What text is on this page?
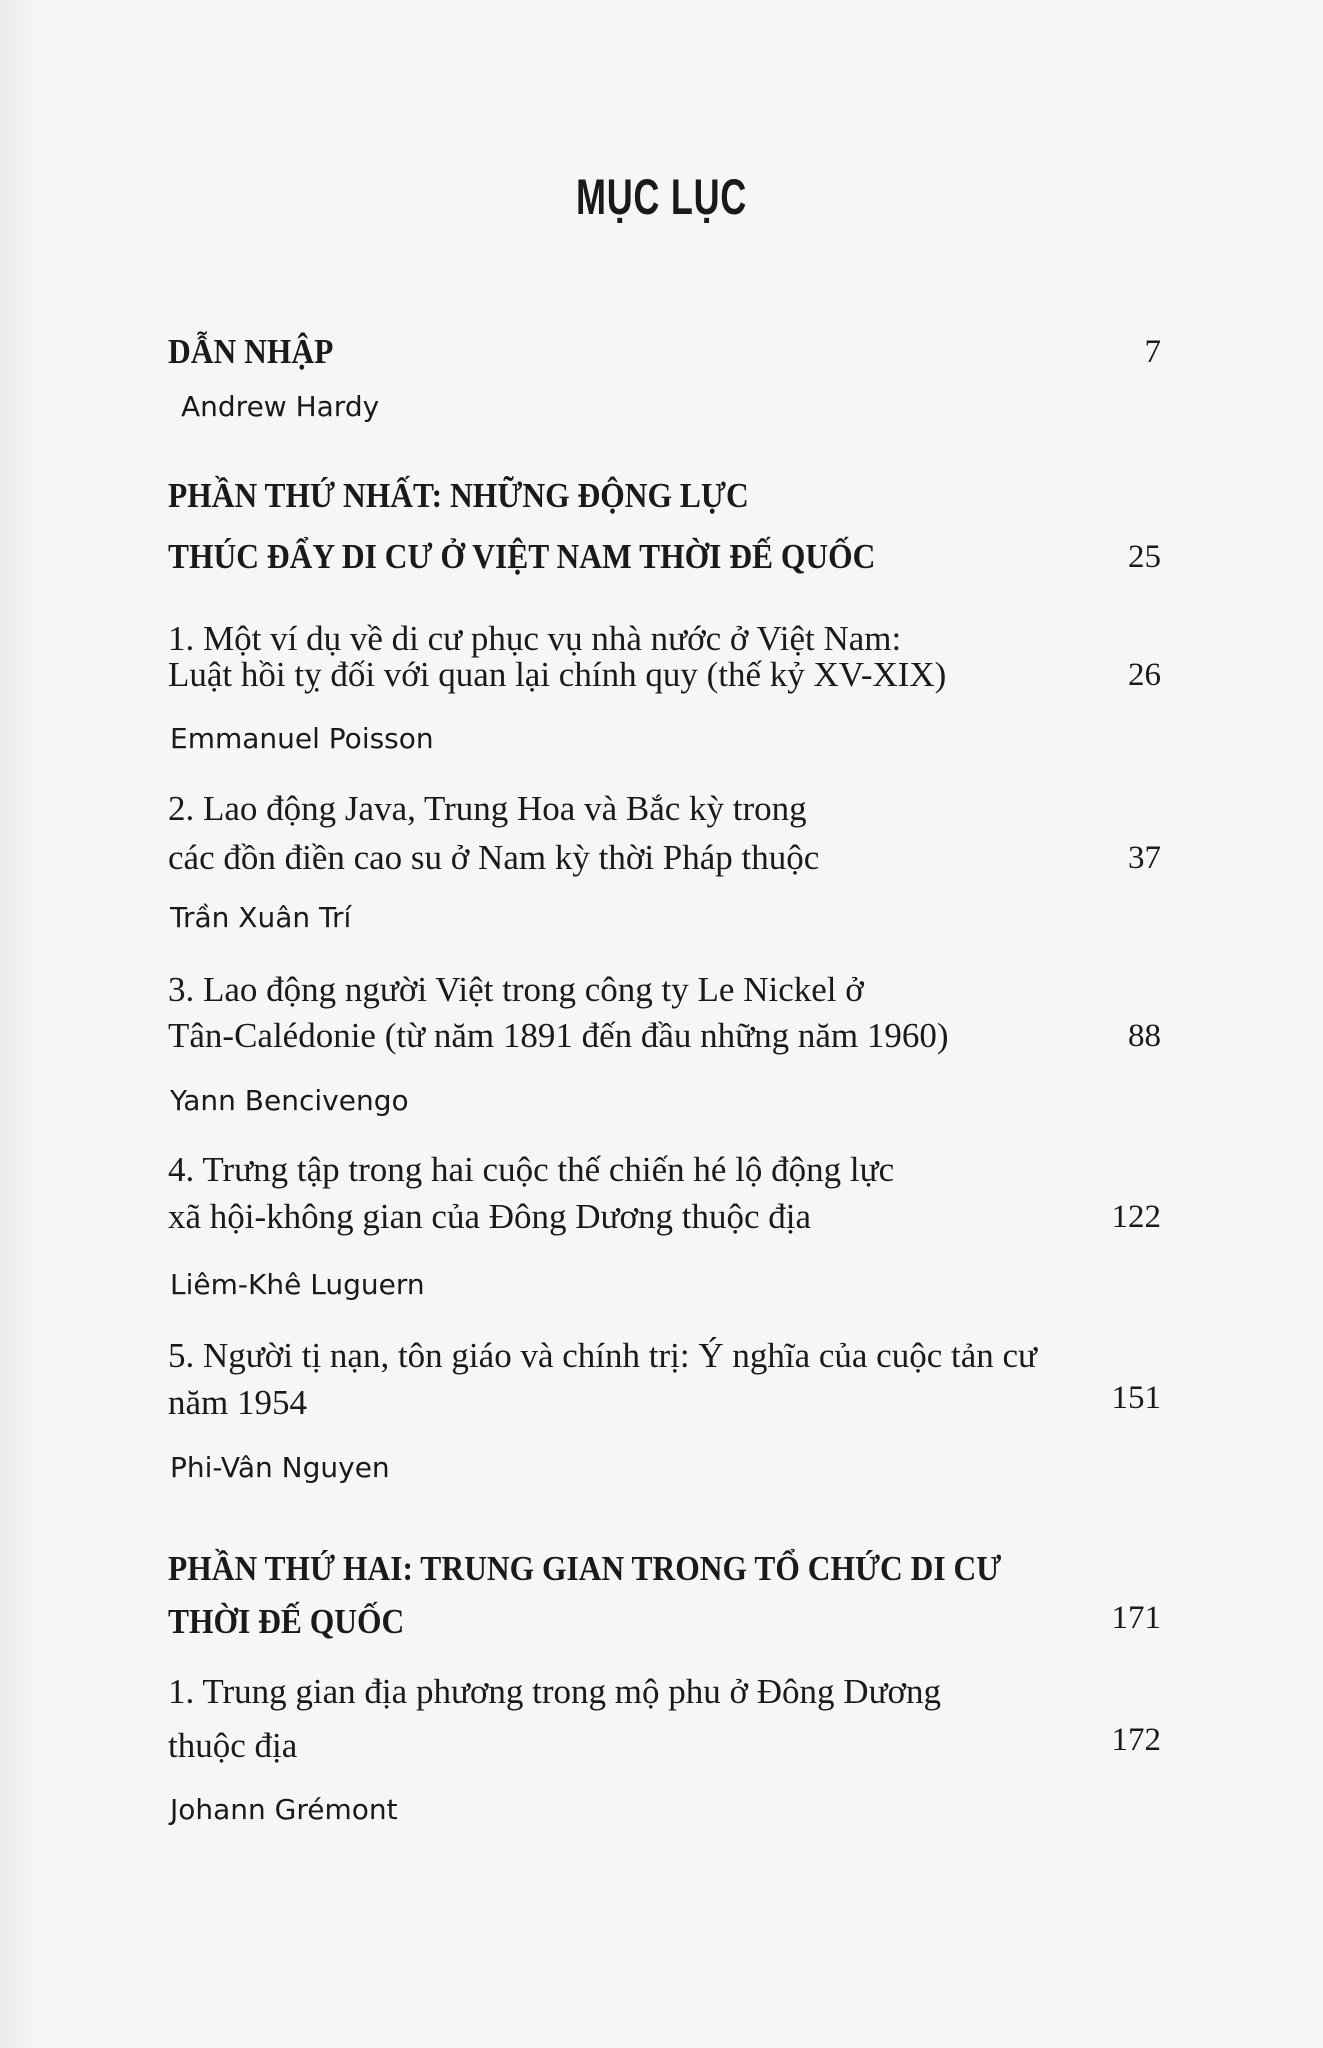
MỤC LỤC
DẪN NHẬP	7
Andrew Hardy
PHẦN THỨ NHẤT: NHỮNG ĐỘNG LỰC
THÚC ĐẨY DI CƯ Ở VIỆT NAM THỜI ĐẾ QUỐC	25
1. Một ví dụ về di cư phục vụ nhà nước ở Việt Nam:
Luật hồi tỵ đối với quan lại chính quy (thế kỷ XV-XIX)	26
Emmanuel Poisson
2. Lao động Java, Trung Hoa và Bắc kỳ trong
các đồn điền cao su ở Nam kỳ thời Pháp thuộc	37
Trần Xuân Trí
3. Lao động người Việt trong công ty Le Nickel ở
Tân-Calédonie (từ năm 1891 đến đầu những năm 1960)	88
Yann Bencivengo
4. Trưng tập trong hai cuộc thế chiến hé lộ động lực
xã hội-không gian của Đông Dương thuộc địa	122
Liêm-Khê Luguern
5. Người tị nạn, tôn giáo và chính trị: Ý nghĩa của cuộc tản cư
năm 1954	151
Phi-Vân Nguyen
PHẦN THỨ HAI: TRUNG GIAN TRONG TỔ CHỨC DI CƯ
THỜI ĐẾ QUỐC	171
1. Trung gian địa phương trong mộ phu ở Đông Dương
thuộc địa	172
Johann Grémont
